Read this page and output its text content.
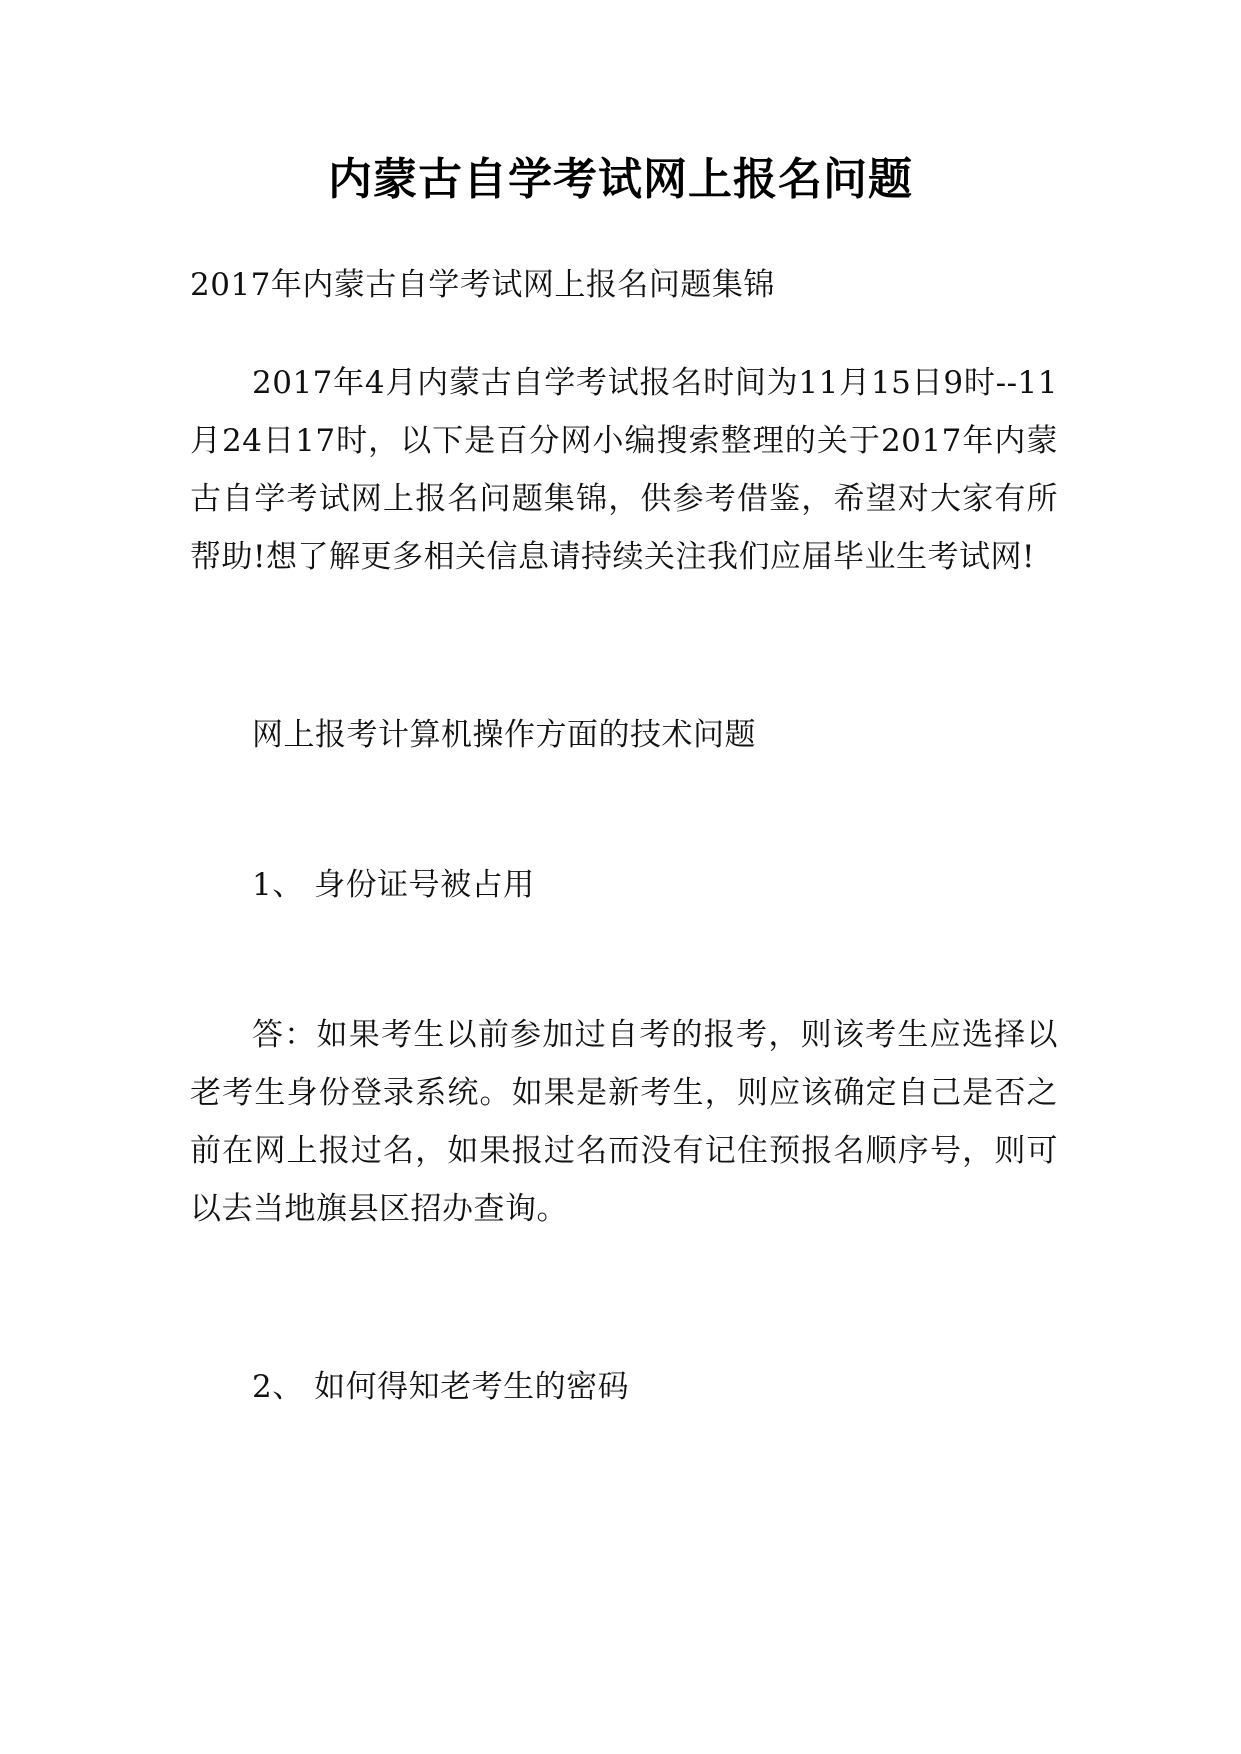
内蒙古自学考试网上报名问题
2017年内蒙古自学考试网上报名问题集锦
2017年4月内蒙古自学考试报名时间为11月15日9时--11月24日17时，以下是百分网小编搜索整理的关于2017年内蒙古自学考试网上报名问题集锦，供参考借鉴，希望对大家有所帮助!想了解更多相关信息请持续关注我们应届毕业生考试网!
网上报考计算机操作方面的技术问题
1、 身份证号被占用
答：如果考生以前参加过自考的报考，则该考生应选择以老考生身份登录系统。如果是新考生，则应该确定自己是否之前在网上报过名，如果报过名而没有记住预报名顺序号，则可以去当地旗县区招办查询。
2、 如何得知老考生的密码
